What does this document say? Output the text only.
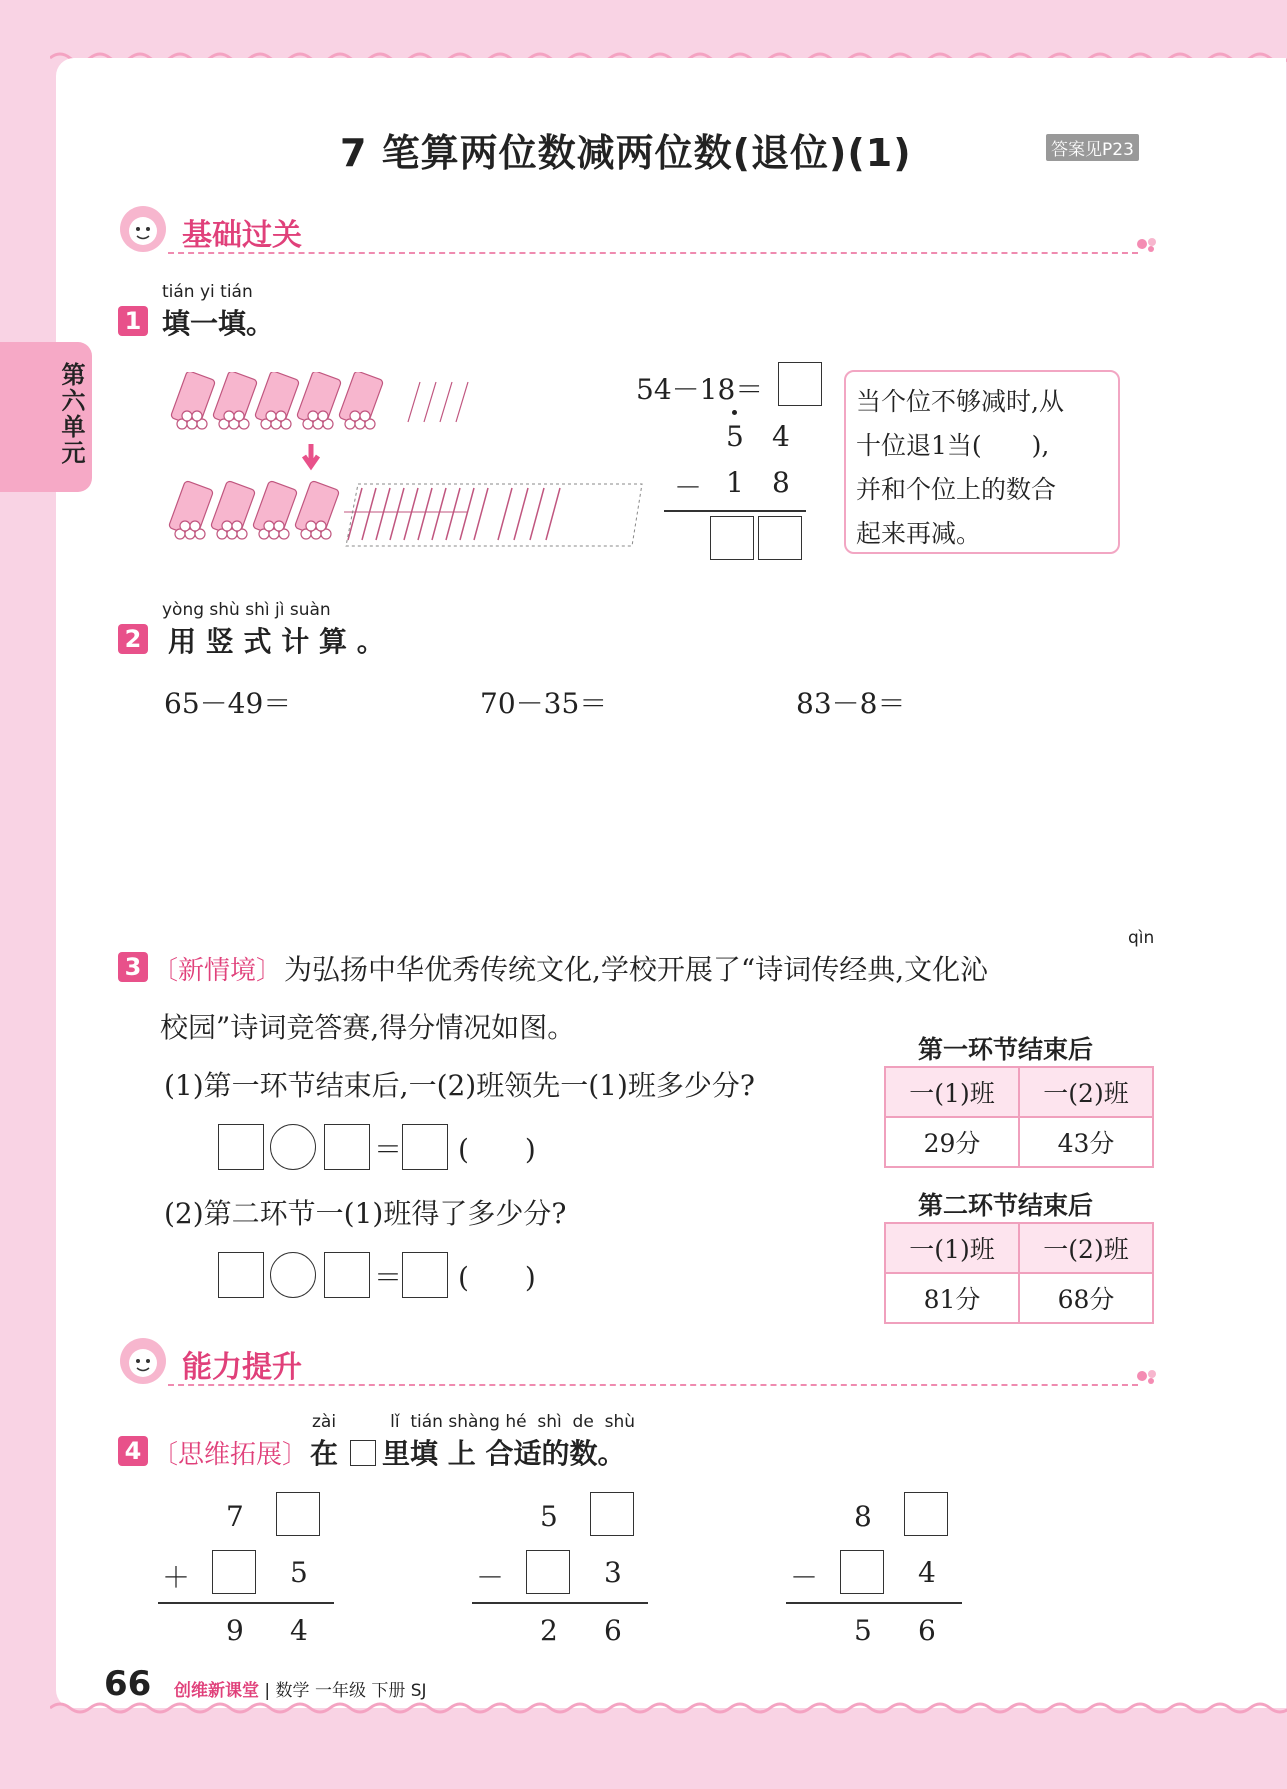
第六单元
7 笔算两位数减两位数(退位)(1)	答案见P23
基础过关
tián yi tián
1 填一填。
54－18＝
5 4
－ 1 8
当个位不够减时,从
十位退1当(　　),
并和个位上的数合
起来再减。
yòng shù shì jì suàn
2 用 竖 式 计 算 。
65－49＝	70－35＝	83－8＝
qìn
3 〔新情境〕 为弘扬中华优秀传统文化,学校开展了“诗词传经典,文化沁
校园”诗词竞答赛,得分情况如图。
(1)第一环节结束后,一(2)班领先一(1)班多少分?
＝ (　　)
(2)第二环节一(1)班得了多少分?
＝ (　　)
第一环节结束后
一(1)班	一(2)班
29分	43分
第二环节结束后
一(1)班	一(2)班
81分	68分
能力提升
zài          lǐ  tián shàng hé  shì  de  shù
4 〔思维拓展〕 在 里填 上 合适的数。
7
＋	5
9 4
5
－	3
2 6
8
－	4
5 6
66 创维新课堂 | 数学 一年级 下册 SJ
